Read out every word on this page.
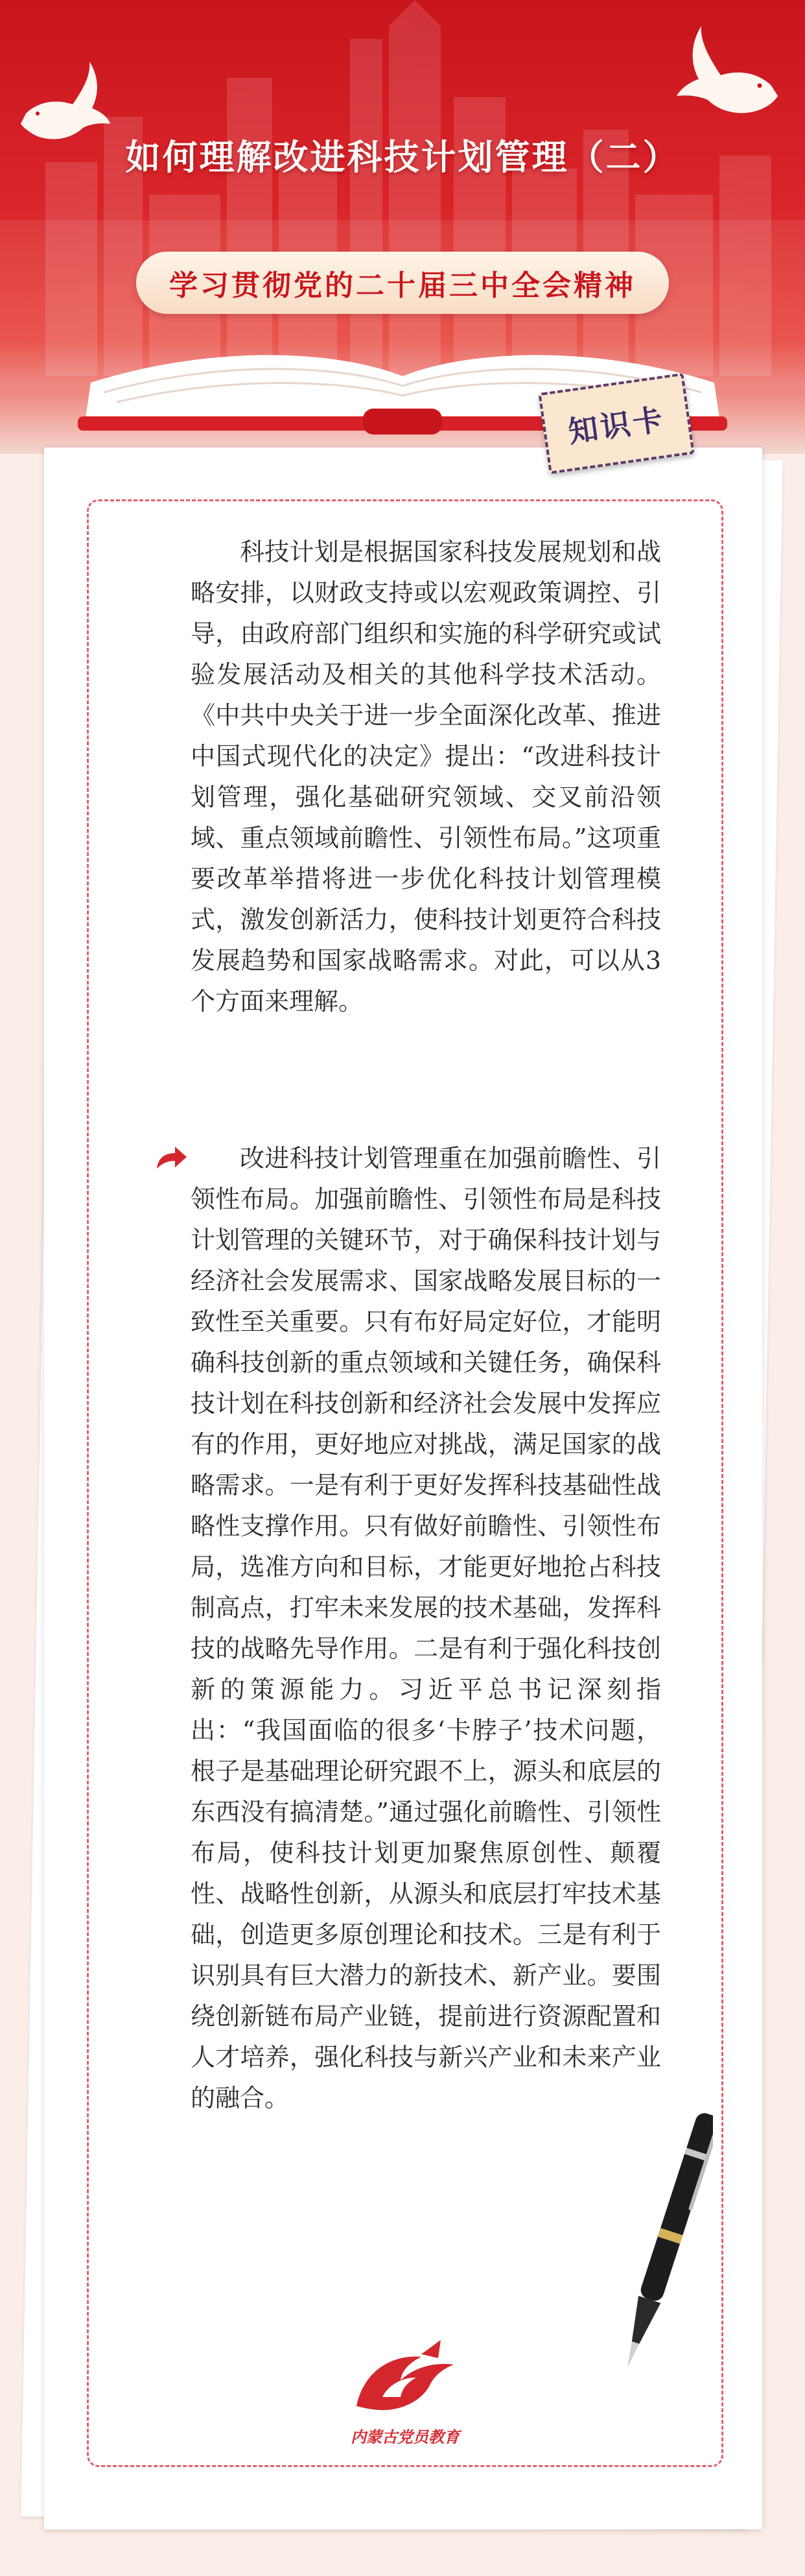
如何理解改进科技计划管理（二）
学习贯彻党的二十届三中全会精神
知识卡

科技计划是根据国家科技发展规划和战略安排，以财政支持或以宏观政策调控、引导，由政府部门组织和实施的科学研究或试验发展活动及相关的其他科学技术活动。《中共中央关于进一步全面深化改革、推进中国式现代化的决定》提出：“改进科技计划管理，强化基础研究领域、交叉前沿领域、重点领域前瞻性、引领性布局。”这项重要改革举措将进一步优化科技计划管理模式，激发创新活力，使科技计划更符合科技发展趋势和国家战略需求。对此，可以从3个方面来理解。

改进科技计划管理重在加强前瞻性、引领性布局。加强前瞻性、引领性布局是科技计划管理的关键环节，对于确保科技计划与经济社会发展需求、国家战略发展目标的一致性至关重要。只有布好局定好位，才能明确科技创新的重点领域和关键任务，确保科技计划在科技创新和经济社会发展中发挥应有的作用，更好地应对挑战，满足国家的战略需求。一是有利于更好发挥科技基础性战略性支撑作用。只有做好前瞻性、引领性布局，选准方向和目标，才能更好地抢占科技制高点，打牢未来发展的技术基础，发挥科技的战略先导作用。二是有利于强化科技创新的策源能力。习近平总书记深刻指出：“我国面临的很多‘卡脖子’技术问题，根子是基础理论研究跟不上，源头和底层的东西没有搞清楚。”通过强化前瞻性、引领性布局，使科技计划更加聚焦原创性、颠覆性、战略性创新，从源头和底层打牢技术基础，创造更多原创理论和技术。三是有利于识别具有巨大潜力的新技术、新产业。要围绕创新链布局产业链，提前进行资源配置和人才培养，强化科技与新兴产业和未来产业的融合。

内蒙古党员教育
